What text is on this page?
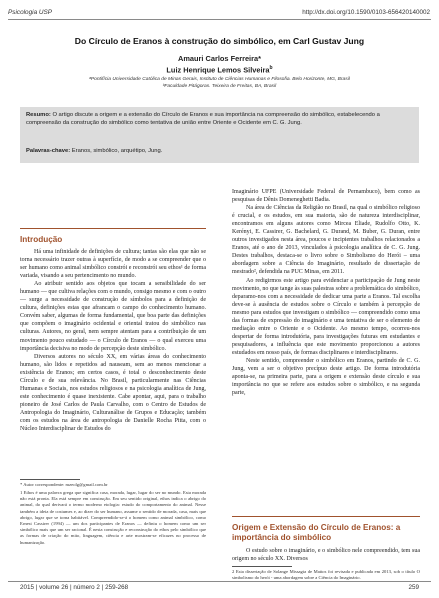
Psicologia USP	http://dx.doi.org/10.1590/0103-656420140002
Do Círculo de Eranos à construção do simbólico, em Carl Gustav Jung
Amauri Carlos Ferreira*
Luiz Henrique Lemos Silveira$^b$
ᵃPontifícia Universidade Católica de Minas Gerais, Instituto de Ciências Humanas e Filosofia. Belo Horizonte, MG, Brasil
ᵇFaculdade Pitágoras. Teixeira de Freitas, BA, Brasil
Resumo: O artigo discute a origem e a extensão do Círculo de Eranos e sua importância na compreensão do simbólico, estabelecendo a compreensão da construção do simbólico como tentativa de união entre Oriente e Ocidente em C. G. Jung.
Palavras-chave: Eranos, simbólico, arquétipo, Jung.
Introdução

Há uma infinidade de definições de cultura; tantas são elas que não se torna necessário trazer outras à superfície, de modo a se compreender que o ser humano como animal simbólico constrói e reconstrói seu ethos¹ de forma variada, visando a seu pertencimento no mundo.

Ao atribuir sentido aos objetos que tocam a sensibilidade do ser humano — que cultiva relações com o mundo, consigo mesmo e com o outro — surge a necessidade de construção de símbolos para a definição de cultura, definições estas que afrancam o campo do conhecimento humano. Convém saber, algumas de forma fundamental, que boa parte das definições que compõem o imaginário ocidental e oriental tratou do simbólico nas culturas. Autores, no geral, nem sempre atentam para a contribuição de um movimento pouco estudado — o Círculo de Eranos — o qual exerceu uma importância decisiva no modo de percepção deste simbólico.

Diversos autores no século XX, em várias áreas do conhecimento humano, são lidos e repetidos ad nauseam, sem ao menos mencionar a existência de Eranos; em certos casos, é total o desconhecimento deste Círculo e de sua relevância. No Brasil, particularmente nas Ciências Humanas e Sociais, nos estudos religiosos e na psicologia analítica de Jung, este conhecimento é quase inexistente. Cabe apontar, aqui, para o trabalho pioneiro de José Carlos de Paula Carvalho, com o Centro de Estudos de Antropologia do Imaginário, Culturanálise de Grupos e Educação; também com os estudos na área de antropologia de Danielle Rocha Pitta, com o Núcleo Interdisciplinar de Estudos do

* Autor correspondente: mzeolg@gmail.com.br
1 Ethos é uma palavra grega que significa casa, morada, lugar, lugar do ser no mundo. Esta morada não está pronta. Ela está sempre em construção. Em seu sentido original, ethos indica o abrigo do animal, do qual derivará o termo moderno etologia: estudo do comportamento do animal. Nesse também a ideia de costumes e, ao dizer do ser humano, assume o sentido de morada, casa, mais que abrigo, lugar que se torna habitável. Compreendido-se-á o homem como animal simbólico, como Ernest Cassirer (1994) — um dos participantes de Eranos — definiu o homem como um ser simbólico mais que um ser racional. É nesta construção e reconstrução do ethos pelo simbólico que as formas de criação do mito, linguagem, ciência e arte mostram-se eficazes no processo de humanização.

Imaginário UFPE (Universidade Federal de Pernambuco), bem como as pesquisas de Dênis Domeneghetti Badia.

Na área de Ciências da Religião no Brasil, na qual o simbólico religioso é crucial, e os estudos, em sua maioria, são de natureza interdisciplinar, encontramos em alguns autores como Mircea Eliade, Rudolfo Otto, K. Kerényi, E. Cassirer, G. Bachelard, G. Durand, M. Buber, G. Duran, entre outros investigados nesta área, poucos e incipientes trabalhos relacionados a Eranos, até o ano de 2013, vinculados à psicologia analítica de C. G. Jung. Destes trabalhos, destaca-se o livro sobre o Simbolismo do Herói – uma abordagem sobre a Ciência do Imaginário, resultado de dissertação de mestrado², defendida na PUC Minas, em 2011.

Ao redigirmos este artigo para evidenciar a participação de Jung neste movimento, no que tange às suas palestras sobre a problemática do simbólico, deparamo-nos com a necessidade de dedicar uma parte a Eranos. Tal escolha deve-se à ausência de estudos sobre o Círculo e também à percepção de mesmo para estudos que investigam o simbólico — compreendido como uma das formas de expressão do imaginário e uma tentativa de ser o elemento de mediação entre o Oriente e o Ocidente. Ao mesmo tempo, ocorreu-nos despertar de forma introdutória, para investigações futuras em estudantes e pesquisadores, a influência que este movimento proporcionou a autores estudados em nosso país, de formas disciplinares e interdisciplinares.

Neste sentido, compreender o simbólico em Eranos, partindo de C. G. Jung, vem a ser o objetivo precípuo deste artigo. De forma introdutória aponta-se, na primeira parte, para a origem e extensão deste círculo e sua importância no que se refere aos estudos sobre o simbólico, e na segunda parte,

Origem e Extensão do Círculo de Eranos: a importância do simbólico

O estudo sobre o imaginário, e o simbólico nele compreendido, tem sua origem no século XX. Diversos

2 Esta dissertação de Solange Missagia de Mattos foi revisada e publicada em 2013, sob o título O simbolismo do herói - uma abordagem sobre a Ciência do Imaginário.
2015 | volume 26 | número 2 | 259-268	259
